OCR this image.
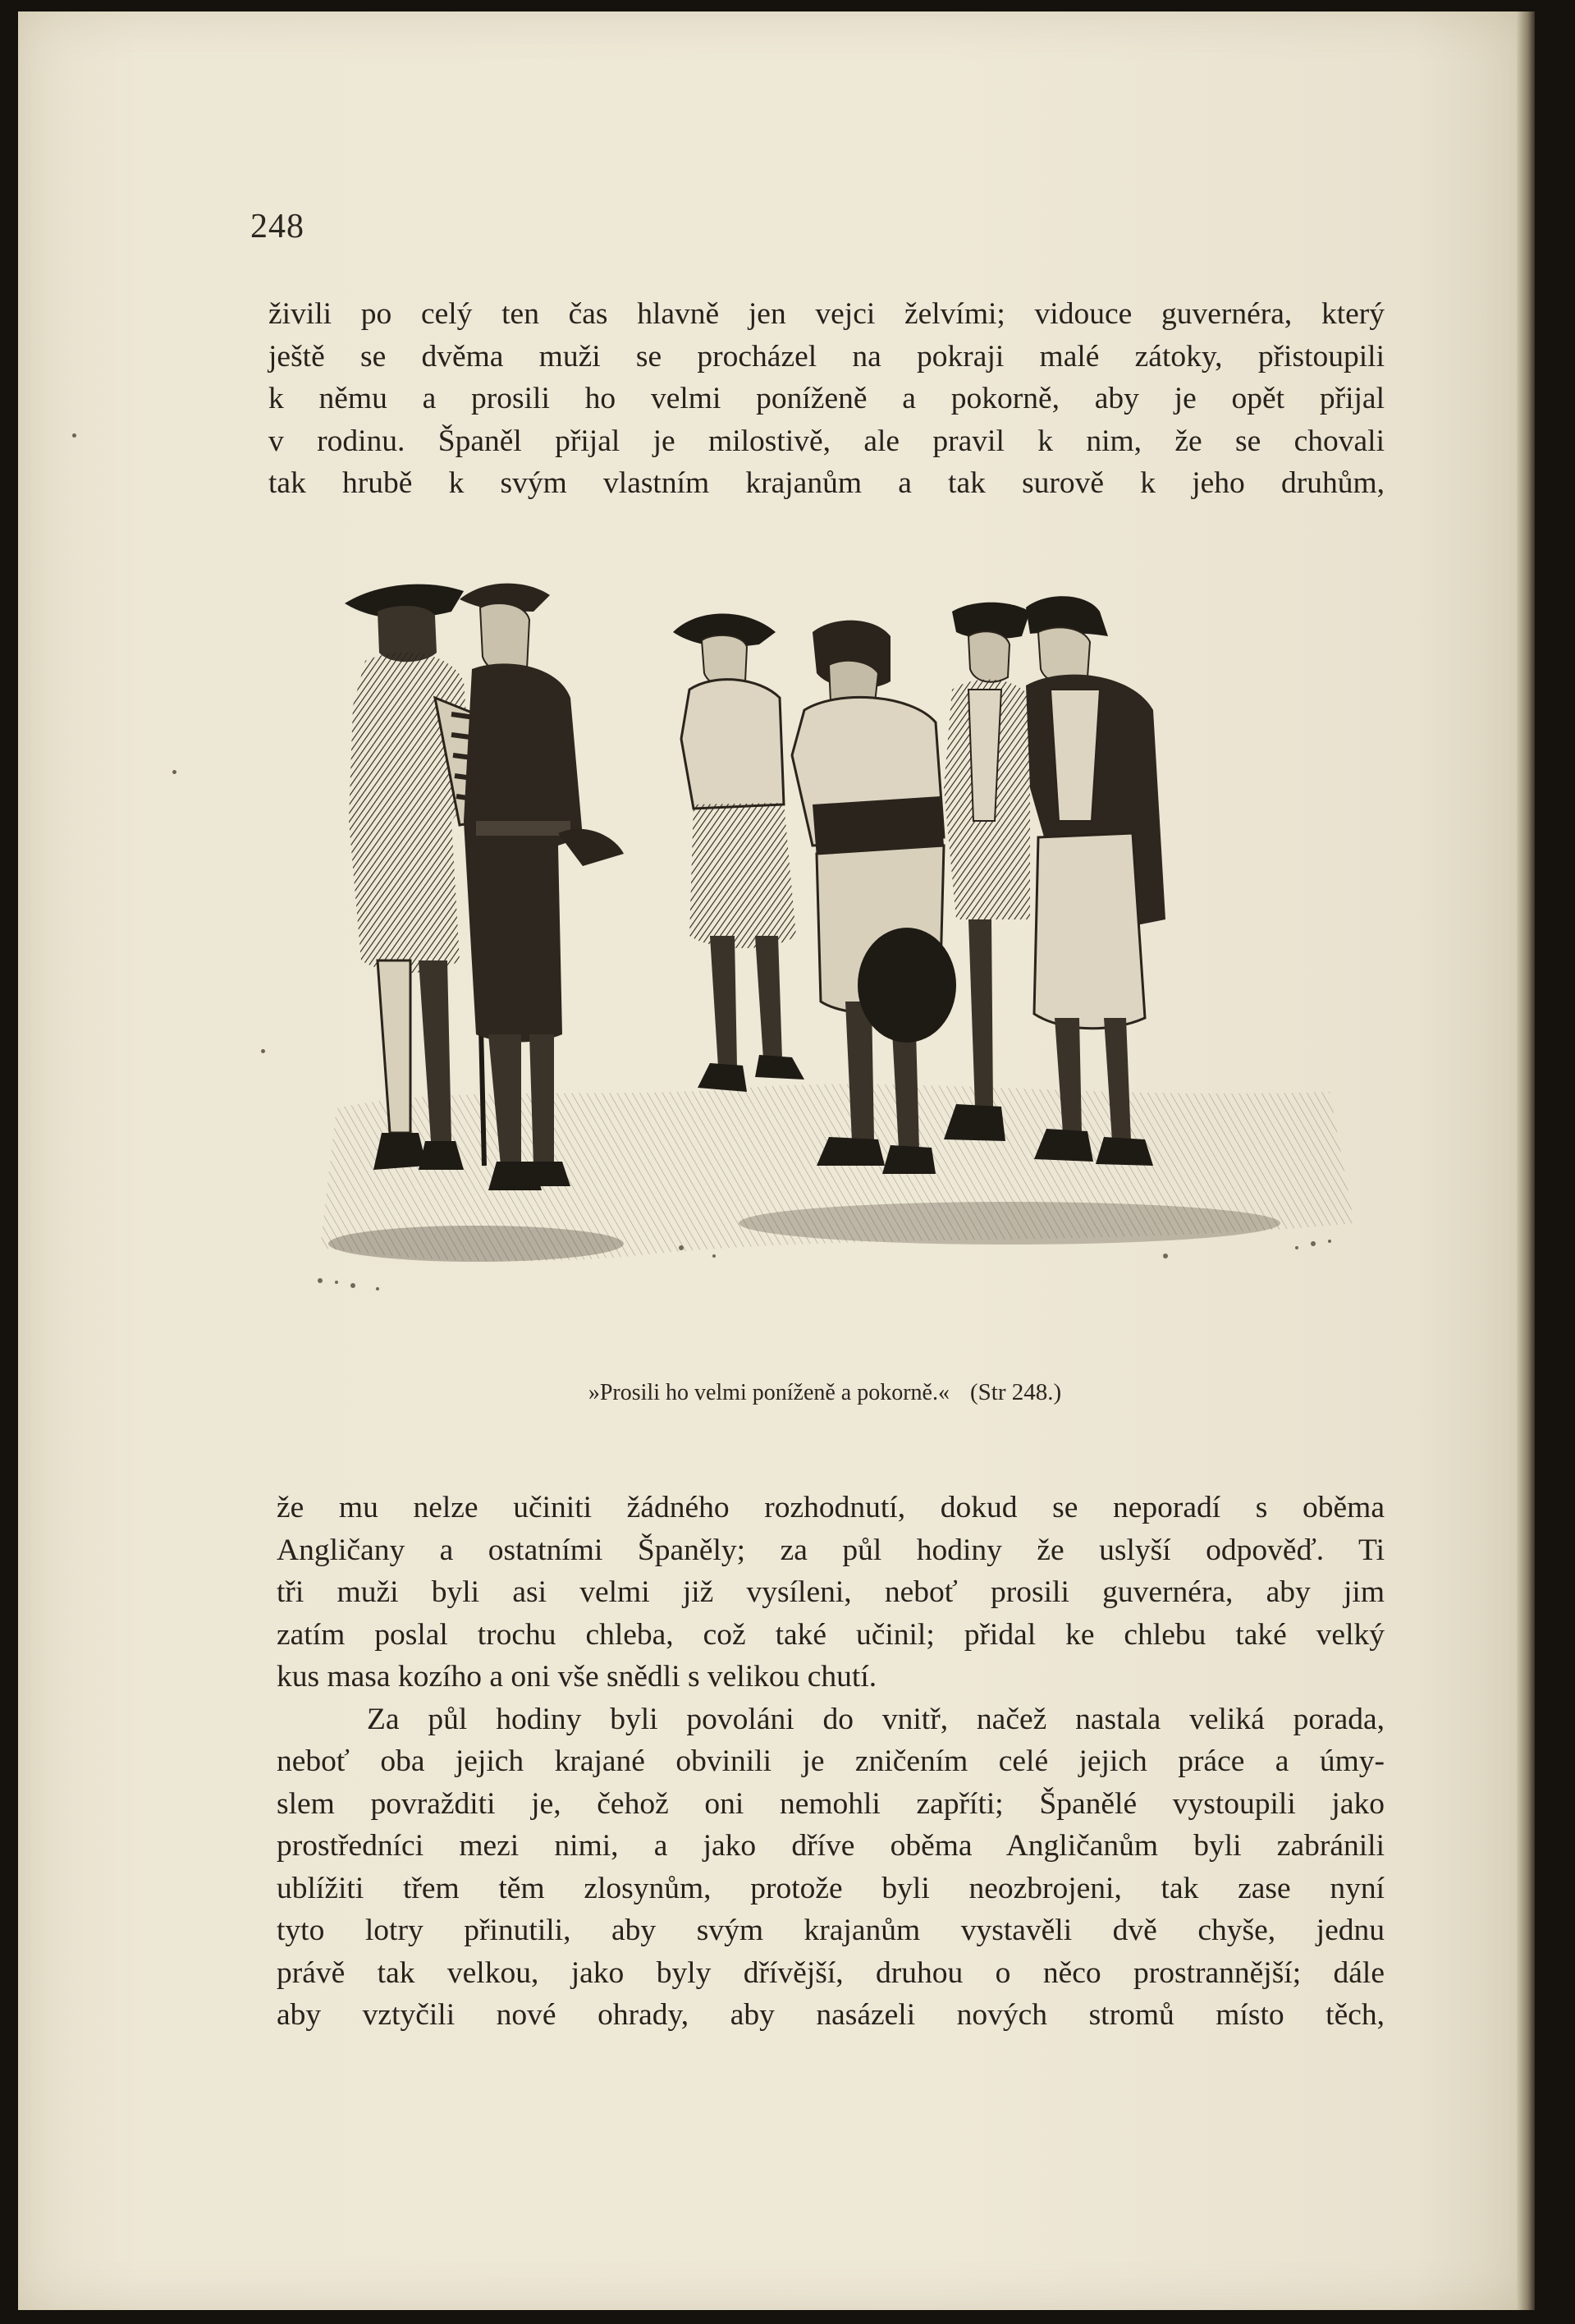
248
živili po celý ten čas hlavně jen vejci želvími; vidouce guvernéra, který
ještě se dvěma muži se procházel na pokraji malé zátoky, přistoupili
k němu a prosili ho velmi poníženě a pokorně, aby je opět přijal
v rodinu. Španěl přijal je milostivě, ale pravil k nim, že se chovali
tak hrubě k svým vlastním krajanům a tak surově k jeho druhům,
»Prosili ho velmi poníženě a pokorně.« (Str 248.)
že mu nelze učiniti žádného rozhodnutí, dokud se neporadí s oběma
Angličany a ostatními Španěly; za půl hodiny že uslyší odpověď. Ti
tři muži byli asi velmi již vysíleni, neboť prosili guvernéra, aby jim
zatím poslal trochu chleba, což také učinil; přidal ke chlebu také velký
kus masa kozího a oni vše snědli s velikou chutí.
Za půl hodiny byli povoláni do vnitř, načež nastala veliká porada,
neboť oba jejich krajané obvinili je zničením celé jejich práce a úmy-
slem povražditi je, čehož oni nemohli zapříti; Španělé vystoupili jako
prostředníci mezi nimi, a jako dříve oběma Angličanům byli zabránili
ublížiti třem těm zlosynům, protože byli neozbrojeni, tak zase nyní
tyto lotry přinutili, aby svým krajanům vystavěli dvě chyše, jednu
právě tak velkou, jako byly dřívější, druhou o něco prostrannější; dále
aby vztyčili nové ohrady, aby nasázeli nových stromů místo těch,
